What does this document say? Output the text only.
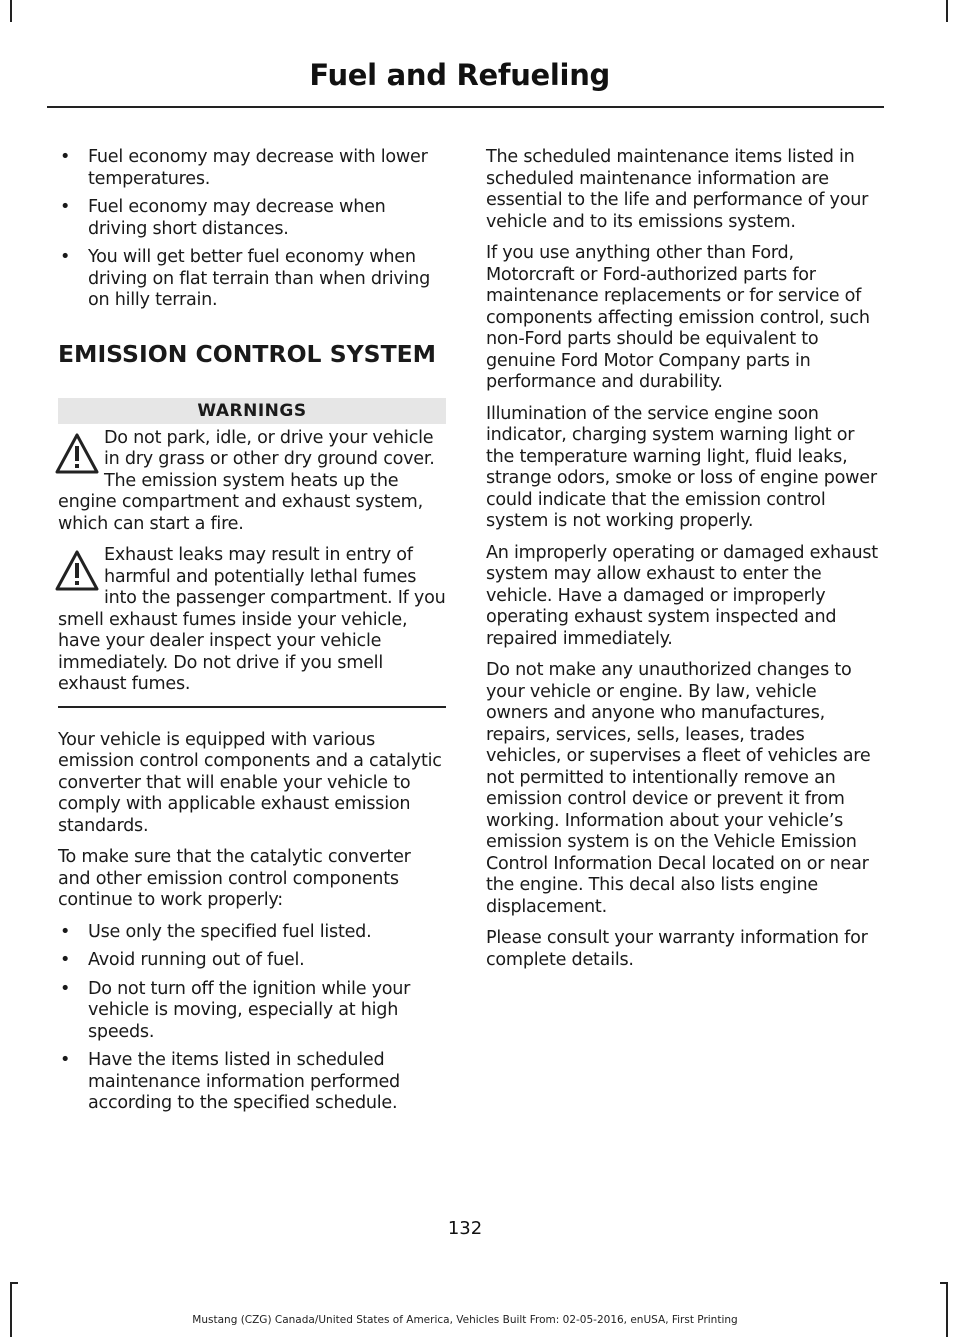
Fuel and Refueling
• Fuel economy may decrease with lower temperatures.
• Fuel economy may decrease when driving short distances.
• You will get better fuel economy when driving on flat terrain than when driving on hilly terrain.
EMISSION CONTROL SYSTEM
WARNINGS

Do not park, idle, or drive your vehicle in dry grass or other dry ground cover. The emission system heats up the engine compartment and exhaust system, which can start a fire.

Exhaust leaks may result in entry of harmful and potentially lethal fumes into the passenger compartment. If you smell exhaust fumes inside your vehicle, have your dealer inspect your vehicle immediately. Do not drive if you smell exhaust fumes.

Your vehicle is equipped with various emission control components and a catalytic converter that will enable your vehicle to comply with applicable exhaust emission standards.

To make sure that the catalytic converter and other emission control components continue to work properly:

• Use only the specified fuel listed.
• Avoid running out of fuel.
• Do not turn off the ignition while your vehicle is moving, especially at high speeds.
• Have the items listed in scheduled maintenance information performed according to the specified schedule.

The scheduled maintenance items listed in scheduled maintenance information are essential to the life and performance of your vehicle and to its emissions system.

If you use anything other than Ford, Motorcraft or Ford-authorized parts for maintenance replacements or for service of components affecting emission control, such non-Ford parts should be equivalent to genuine Ford Motor Company parts in performance and durability.

Illumination of the service engine soon indicator, charging system warning light or the temperature warning light, fluid leaks, strange odors, smoke or loss of engine power could indicate that the emission control system is not working properly.

An improperly operating or damaged exhaust system may allow exhaust to enter the vehicle. Have a damaged or improperly operating exhaust system inspected and repaired immediately.

Do not make any unauthorized changes to your vehicle or engine. By law, vehicle owners and anyone who manufactures, repairs, services, sells, leases, trades vehicles, or supervises a fleet of vehicles are not permitted to intentionally remove an emission control device or prevent it from working. Information about your vehicle’s emission system is on the Vehicle Emission Control Information Decal located on or near the engine. This decal also lists engine displacement.

Please consult your warranty information for complete details.

132
Mustang (CZG) Canada/United States of America, Vehicles Built From: 02-05-2016, enUSA, First Printing
